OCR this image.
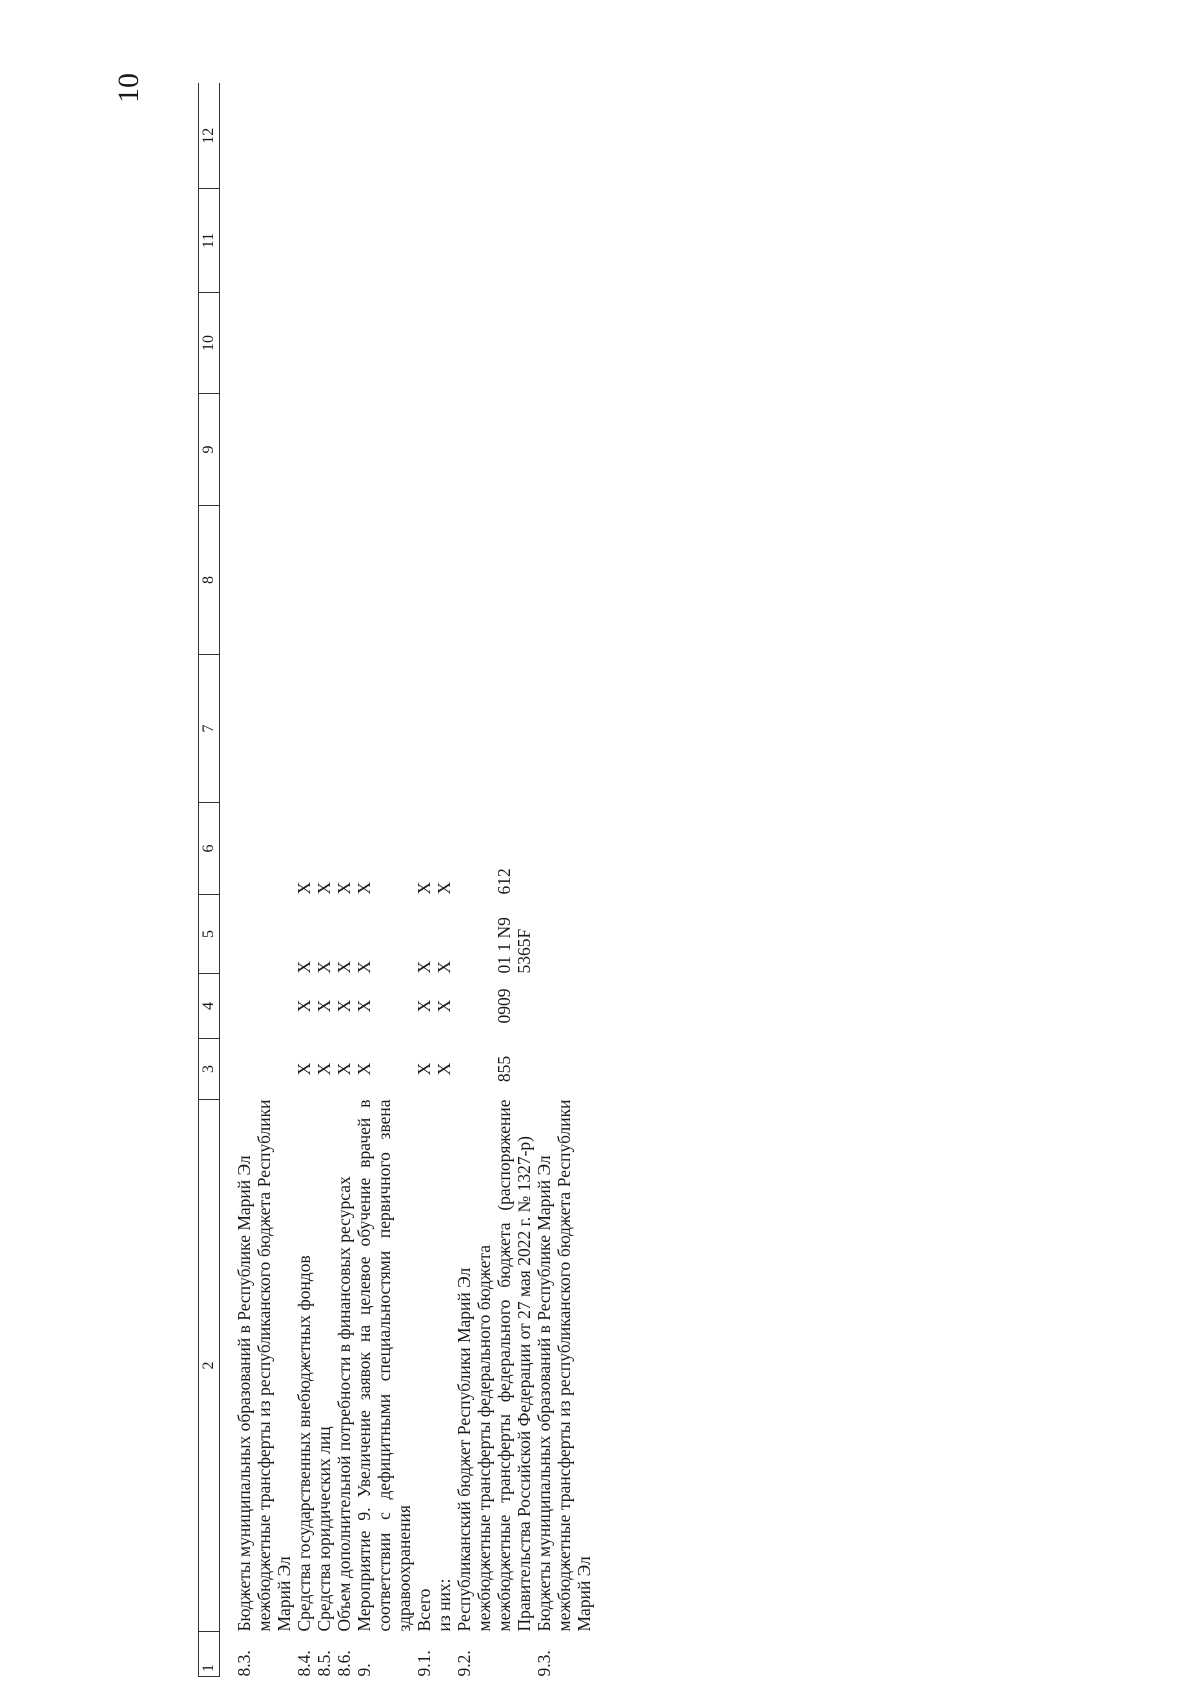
10
1	2	3	4	5	6	7	8	9	10	11	12
8.3.	Бюджеты муниципальных образований в Республике Марий Эл										
	межбюджетные трансферты из республиканского бюджета Республики Марий Эл										
8.4.	Средства государственных внебюджетных фондов	Х	Х	Х	Х						
8.5.	Средства юридических лиц	Х	Х	Х	Х						
8.6.	Объем дополнительной потребности в финансовых ресурсах	Х	Х	Х	Х						
9.	Мероприятие 9. Увеличение заявок на целевое обучение врачей в соответствии с дефицитными специальностями первичного звена здравоохранения	Х	Х	Х	Х						
9.1.	Всего	Х	Х	Х	Х						
	из них:	Х	Х	Х	Х						
9.2.	Республиканский бюджет Республики Марий Эл										
	межбюджетные трансферты федерального бюджета										
	межбюджетные трансферты федерального бюджета (распоряжение Правительства Российской Федерации от 27 мая 2022 г. № 1327-р)	855	0909	01 1 N9 5365F	612						
9.3.	Бюджеты муниципальных образований в Республике Марий Эл										
	межбюджетные трансферты из республиканского бюджета Республики Марий Эл										
